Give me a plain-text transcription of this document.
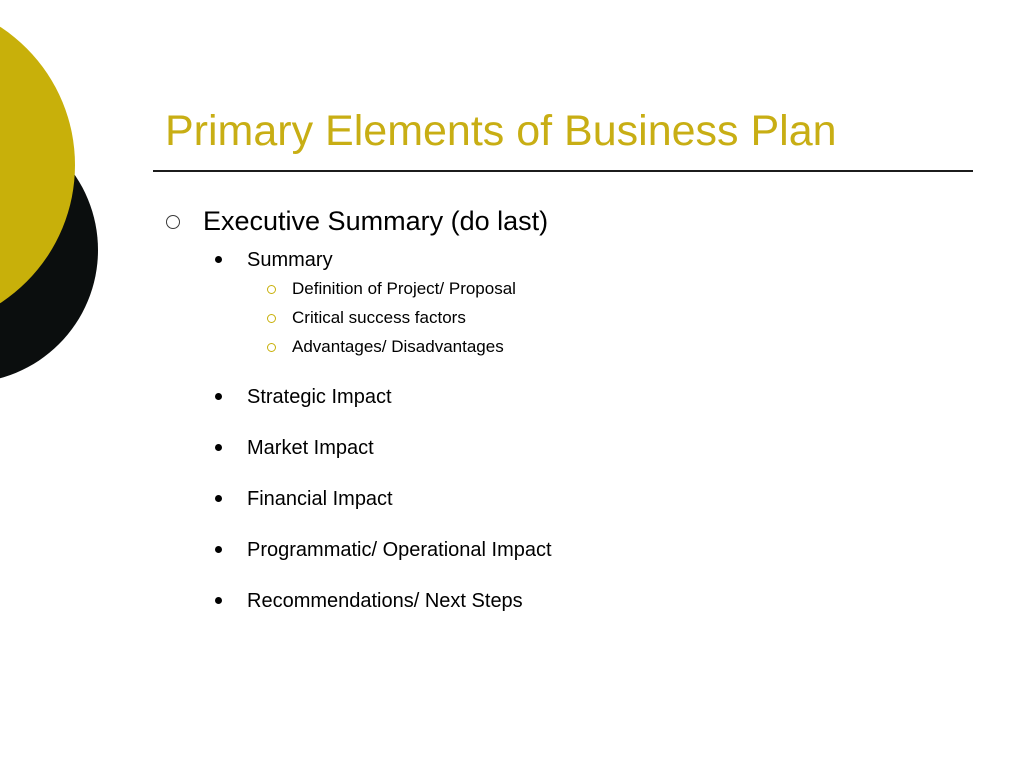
Primary Elements of Business Plan
Executive Summary (do last)
Summary
Definition of Project/ Proposal
Critical success factors
Advantages/ Disadvantages
Strategic Impact
Market Impact
Financial Impact
Programmatic/ Operational Impact
Recommendations/ Next Steps
